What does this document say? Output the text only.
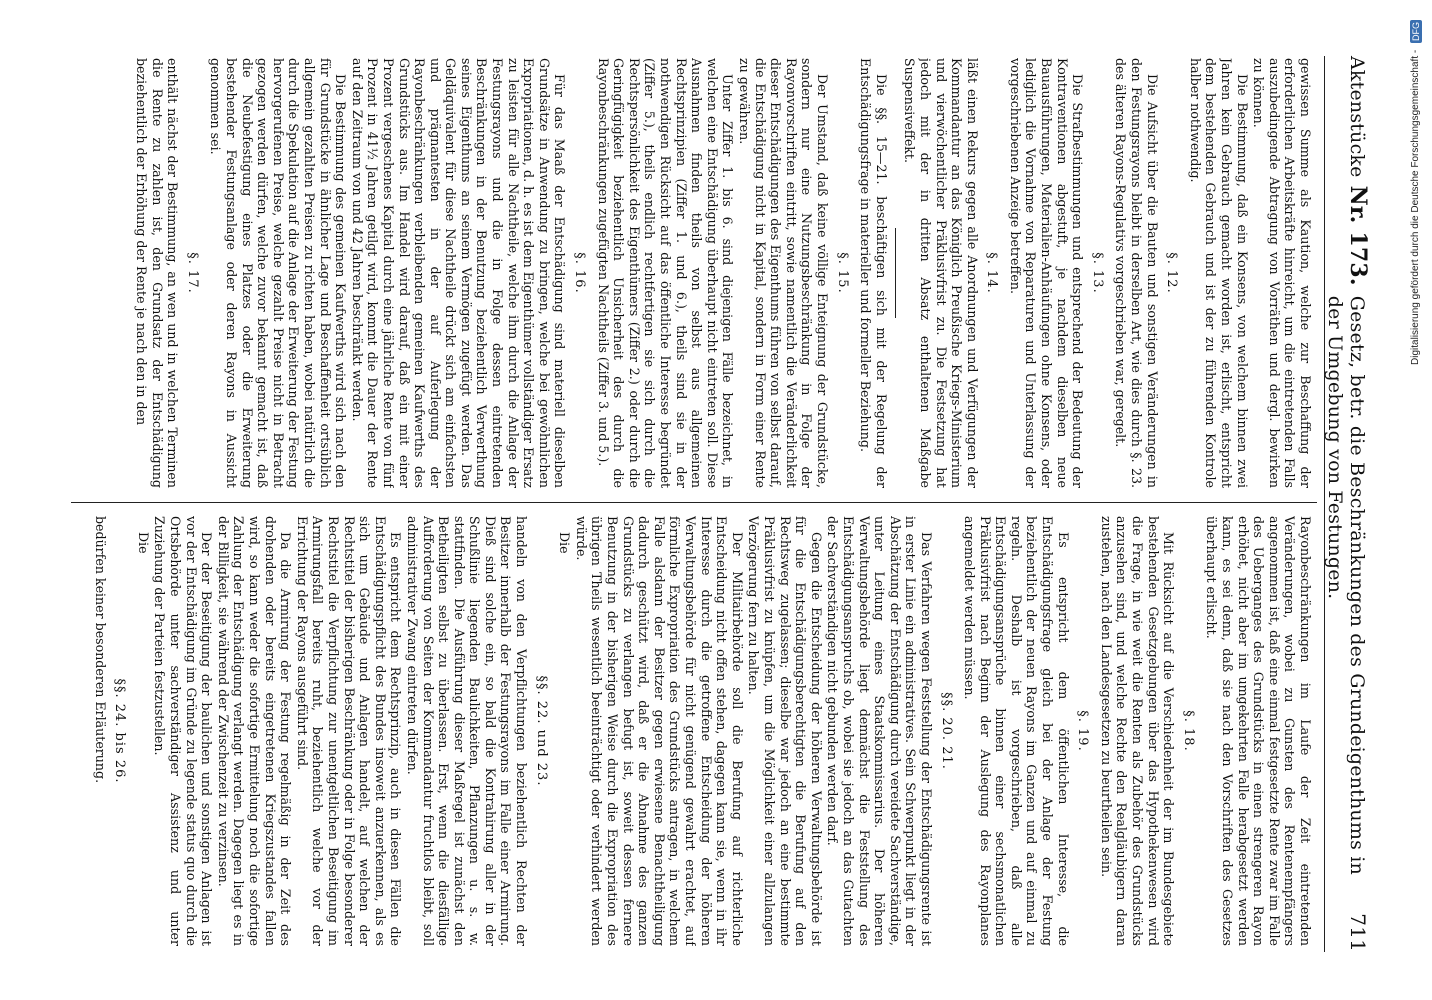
Aktenstücke
Nr. 173.
Gesetz, betr. die Beschränkungen des Grundeigenthums in der Umgebung von Festungen.
711

gewissen Summe als Kaution, welche zur Beschaffung der erforderlichen Arbeitskräfte hinreicht, um die eintretenden Falls auszubedingende Abtragung von Vorräthen und dergl. bewirken zu können.

Die Bestimmung, daß ein Konsens, von welchem binnen zwei Jahren kein Gebrauch gemacht worden ist, erlischt, entspricht dem bestehenden Gebrauch und ist der zu führenden Kontrole halber nothwendig.

§. 12.

Die Aufsicht über die Bauten und sonstigen Veränderungen in den Festungsrayons bleibt in derselben Art, wie dies durch §. 23. des älteren Rayons-Regulativs vorgeschrieben war, geregelt.

§. 13.

Die Strafbestimmungen und entsprechend der Bedeutung der Kontraventionen abgestuft, je nachdem dieselben neue Bauausführungen, Materialien-Anhäufungen ohne Konsens, oder lediglich die Vornahme von Reparaturen und Unterlassung der vorgeschriebenen Anzeige betreffen.

§. 14.

läßt einen Rekurs gegen alle Anordnungen und Verfügungen der Kommandantur an das Königlich Preußische Kriegs-Ministerium und vierwöchentlicher Präklusivfrist zu. Die Festsetzung hat jedoch mit der in dritten Absatz enthaltenen Maßgabe Suspensiveffekt.

Die §§. 15—21. beschäftigen sich mit der Regelung der Entschädigungsfrage in materieller und formeller Beziehung.

§. 15.

Der Umstand, daß keine völlige Enteignung der Grundstücke, sondern nur eine Nutzungsbeschränkung in Folge der Rayonvorschriften eintritt, sowie namentlich die Veränderlichkeit dieser Entschädigungen des Eigenthums führen von selbst darauf, die Entschädigung nicht in Kapital, sondern in Form einer Rente zu gewähren.

Unter Ziffer 1. bis 6. sind diejenigen Fälle bezeichnet, in welchen eine Entschädigung überhaupt nicht eintreten soll. Diese Ausnahmen finden theils von selbst aus allgemeinen Rechtsprinzipien (Ziffer 1. und 6.), theils sind sie in der nothwendigen Rücksicht auf das öffentliche Interesse begründet (Ziffer 5.), theils endlich rechtfertigen sie sich durch die Rechtspersönlichkeit des Eigenthümers (Ziffer 2.) oder durch die Geringfügigkeit beziehentlich Unsicherheit des durch die Rayonbeschränkungen zugefügten Nachtheils (Ziffer 3. und 5.).

§. 16.

Für das Maaß der Entschädigung sind materiell dieselben Grundsätze in Anwendung zu bringen, welche bei gewöhnlichen Expropriationen, d. h. es ist dem Eigenthümer vollständiger Ersatz zu leisten für alle Nachtheile, welche ihm durch die Anlage der Festungsrayons und die in Folge dessen eintretenden Beschränkungen in der Benutzung beziehentlich Verwerthung seines Eigenthums an seinem Vermögen zugefügt werden. Das Geldäquivalent für diese Nachtheile drückt sich am einfachsten und prägnantesten in der auf Auferlegung der Rayonbeschränkungen verbleibenden gemeinen Kaufwerths des Grundstücks aus. Im Handel wird darauf, daß ein mit einer Prozent vergeschenes Kapital durch eine jährliche Rente von fünf Prozent in 41½ Jahren getilgt wird, kommt die Dauer der Rente auf den Zeitraum von und 42 Jahren beschränkt werden.

Die Bestimmung des gemeinen Kaufwerths wird sich nach den für Grundstücke in ähnlicher Lage und Beschaffenheit ortsüblich allgemein gezahlten Preisen zu richten haben, wobei natürlich die durch die Spekulation auf die Anlage der Erweiterung der Festung hervorgerufenen Preise, welche gezahlt Preise nicht in Betracht gezogen werden dürfen, welche zuvor bekannt gemacht ist, daß die Neubefestigung eines Platzes oder die Erweiterung bestehender Festungsanlage oder deren Rayons in Aussicht genommen sei.

§. 17.

enthält nächst der Bestimmung, an wen und in welchen Terminen die Rente zu zahlen ist, den Grundsatz der Entschädigung beziehentlich der Erhöhung der Rente je nach den in den

Rayonbeschränkungen im Laufe der Zeit eintretenden Veränderungen, wobei zu Gunsten des Rentenempfängers angenommen ist, daß eine einmal festgesetzte Rente zwar im Falle des Ueberganges des Grundstücks in einen strengeren Rayon erhöhet, nicht aber im umgekehrten Falle herabgesetzt werden kann, es sei denn, daß sie nach den Vorschriften des Gesetzes überhaupt erlischt.

§. 18.

Mit Rücksicht auf die Verschiedenheit der im Bundesgebiete bestehenden Gesetzgebungen über das Hypothekenwesen wird die Frage, in wie weit die Renten als Zubehör des Grundstücks anzusehen sind, und welche Rechte den Realgläubigern daran zustehen, nach den Landesgesetzen zu beurtheilen sein.

§. 19.

Es entspricht dem öffentlichen Interesse, die Entschädigungsfrage gleich bei der Anlage der Festung beziehentlich der neuen Rayons im Ganzen und auf einmal zu regeln. Deshalb ist vorgeschrieben, daß alle Entschädigungsansprüche binnen einer sechsmonatlichen Präklusivfrist nach Beginn der Auslegung des Rayonplanes angemeldet werden müssen.

§§. 20. 21.

Das Verfahren wegen Feststellung der Entschädigungsrente ist in erster Linie ein administratives. Sein Schwerpunkt liegt in der Abschätzung der Entschädigung durch vereidete Sachverständige, unter Leitung eines Staatskommissarius. Der höheren Verwaltungsbehörde liegt demnächst die Feststellung des Entschädigungsanspruchs ob, wobei sie jedoch an das Gutachten der Sachverständigen nicht gebunden werden darf.

Gegen die Entscheidung der höheren Verwaltungsbehörde ist für die Entschädigungsberechtigten die Berufung auf den Rechtsweg zugelassen; dieselbe war jedoch an eine bestimmte Präklusivfrist zu knüpfen, um die Möglichkeit einer allzulangen Verzögerung fern zu halten.

Der Militairbehörde soll die Berufung auf richterliche Entscheidung nicht offen stehen, dagegen kann sie, wenn in ihr Interesse durch die getroffene Entscheidung der höheren Verwaltungsbehörde für nicht genügend gewahrt erachtet, auf förmliche Expropriation des Grundstücks antragen, in welchem Falle alsdann der Besitzer gegen erwiesene Benachtheiligung dadurch geschützt wird, daß er die Abnahme des ganzen Grundstücks zu verlangen befugt ist, soweit dessen fernere Benutzung in der bisherigen Weise durch die Expropriation des übrigen Theils wesentlich beeinträchtigt oder verhindert werden würde.

Die

§§. 22. und 23.

handeln von den Verpflichtungen beziehentlich Rechten der Besitzer innerhalb der Festungsrayons im Falle einer Armirung. Dieß sind solche ein, so bald die Kontrahirung aller in der Schußlinie liegenden Baulichkeiten, Pflanzungen u. s. w. stattfinden. Die Ausführung dieser Maßregel ist zunächst den Betheiligten selbst zu überlassen. Erst, wenn die diesfällige Aufforderung von Seiten der Kommandantur fruchtlos bleibt, soll administrativer Zwang eintreten dürfen.

Es entspricht dem Rechtsprinzip, auch in diesen Fällen die Entschädigungspflicht des Bundes insoweit anzuerkennen, als es sich um Gebäude und Anlagen handelt, auf welchen der Rechtstitel der bisherigen Beschränkung oder in Folge besonderer Rechtstitel die Verpflichtung zur unentgeltlichen Beseitigung im Armirungsfall bereits ruht, beziehentlich welche vor der Errichtung der Rayons ausgeführt sind.

Da die Armirung der Festung regelmäßig in der Zeit des drohenden oder bereits eingetretenen Kriegszustandes fallen wird, so kann weder die sofortige Ermittelung noch die sofortige Zahlung der Entschädigung verlangt werden. Dagegen liegt es in der Billigkeit, sie während der Zwischenzeit zu verzinsen.

Der der Beseitigung der baulichen und sonstigen Anlagen ist vor der Entschädigung im Gründe zu legende status quo durch die Ortsbehörde unter sachverständiger Assistenz und unter Zuziehung der Parteien festzustellen.

Die

§§. 24. bis 26.

bedürfen keiner besonderen Erläuterung.

Digitalisierung gefördert durch die Deutsche Forschungsgemeinschaft - DFG
